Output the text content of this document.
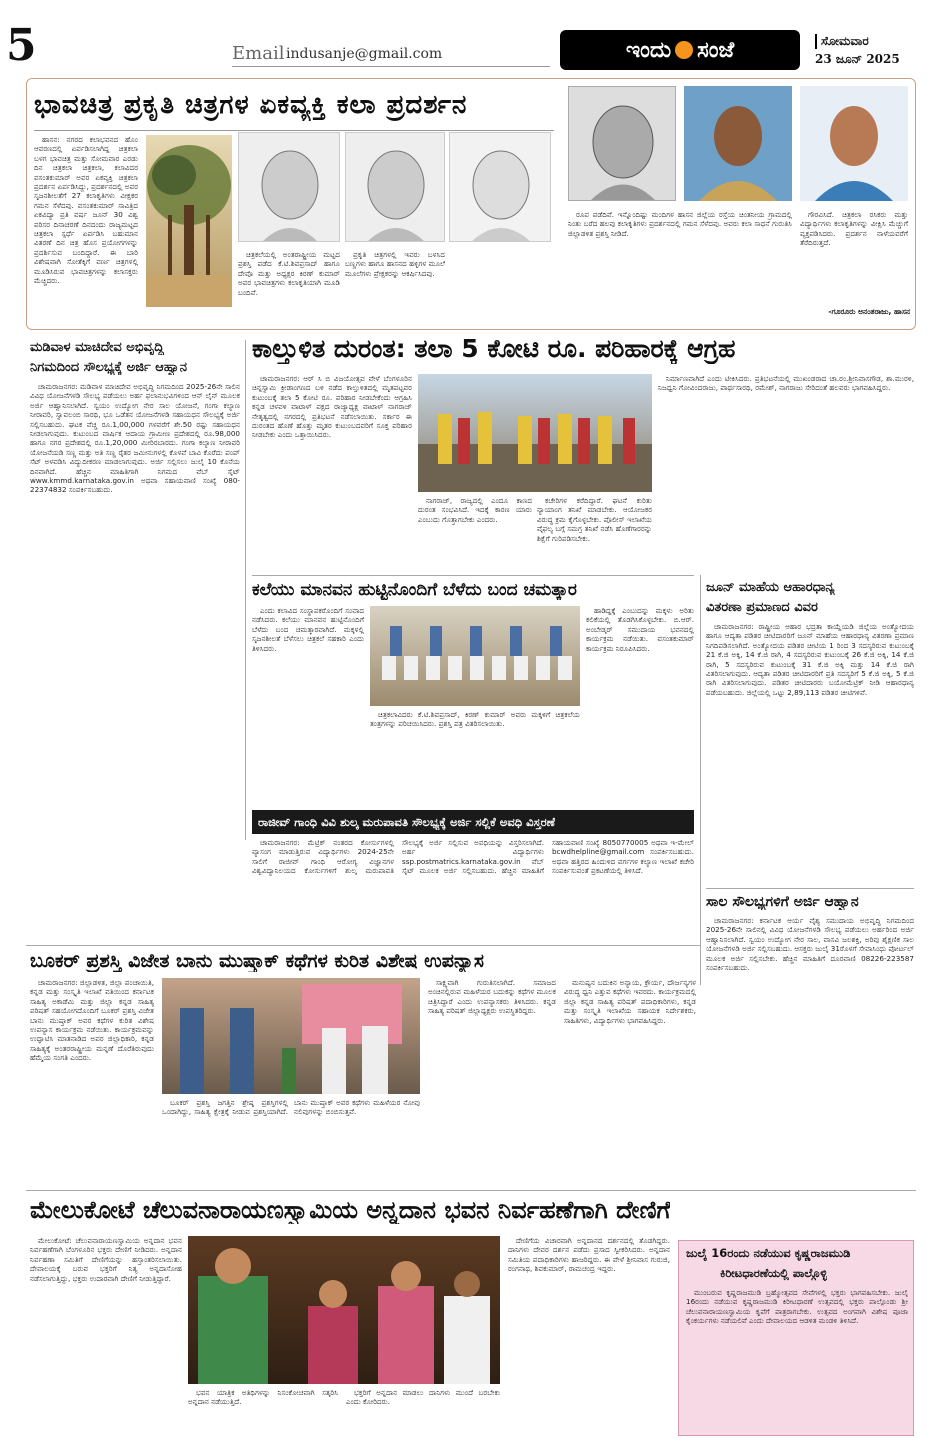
5	Email indusanje@gmail.com	ಇಂದು ಸಂಜೆ	ಸೋಮವಾರ
23 ಜೂನ್ 2025
ಭಾವಚಿತ್ರ ಪ್ರಕೃತಿ ಚಿತ್ರಗಳ ಏಕವ್ಯಕ್ತಿ ಕಲಾ ಪ್ರದರ್ಶನ

ಹಾಸನ: ನಗರದ ಕಲಾಭವನದ ಹೊಂ ಆವರಣದಲ್ಲಿ ಏರ್ಪಡಿಸಲಾಗಿದ್ದ ಚಿತ್ರಕಲಾ ಬಳಗ ಭಾವಚಿತ್ರ ಮತ್ತು ಸೋಮವಾರ ಎರಡು ದಿನ ಚಿತ್ರಕಲಾ ಚಿತ್ರಕಲಾ, ಕಲಾವಿದರ ವಸಂತಕುಮಾರ್ ಅವರ ಏಕವ್ಯಕ್ತಿ ಚಿತ್ರಕಲಾ ಪ್ರದರ್ಶನ ಏರ್ಪಡಿಸಿದ್ದು, ಪ್ರದರ್ಶನದಲ್ಲಿ ಅವರ ಸೃಜನಶೀಲತೆಗೆ 27 ಕಲಾಕೃತಿಗಳು ವೀಕ್ಷಕರ ಗಮನ ಸೆಳೆದವು. ವಸಂತಕುಮಾರ್ ಸಾವಿತ್ರಿದ ಏಕವಿದ್ಯಾ ಪ್ರತಿ ವರ್ಷ ಜೂನ್ 30 ವಿಶ್ವ ಪರಿಸರ ದಿನಾಚರಣೆ ದಿನದಂದು ರಾಜ್ಯಮಟ್ಟದ ಚಿತ್ರಕಲಾ ಸ್ಪರ್ಧೆ ಏರ್ಪಡಿಸಿ ಬಹುಮಾನ ವಿತರಣೆ ದಿನ ಚಿತ್ರ ಹೊಸ ಪ್ರಯೋಗಗಳನ್ನು ಪ್ರದರ್ಶಿಸುವ ಬಂದಿದ್ದಾರೆ. ಈ ಬಾರಿ ವಿಶೇಷವಾಗಿ ಸೋತೆಕ್ಕಿಗೆ ವರ್ಣ ಚಿತ್ರಗಳಲ್ಲಿ ಮೂಡಿಸಿರುವ ಭಾವಚಿತ್ರಗಳನ್ನು ಕಲಾಸಕ್ತರು ಮೆಚ್ಚಿದರು.

ಚಿತ್ರಕಲೆಯಲ್ಲಿ ಅಂತರಾಷ್ಟ್ರೀಯ ಮಟ್ಟದ ಪ್ರಶಸ್ತಿ ಪಡೆದ ಕೆ.ಟಿ.ಶಿವಪ್ರಸಾದ್ ಹಾಗೂ ದೇವೊ ಮತ್ತು ಅಧ್ಯಕ್ಷರ ಕಿರಣ್ ಕುಮಾರ್ ಅವರ ಭಾವಚಿತ್ರಗಳು ಕಲಾಕೃತಿಯಾಗಿ ಮೂಡಿ ಬಂದಿವೆ.

ಪ್ರಕೃತಿ ಚಿತ್ರಗಳಲ್ಲಿ ಇವರು ಬಳಸಿದ ಬಣ್ಣಗಳು ಹಾಗೂ ಹಾಸನದ ಹಳ್ಳಿಗಳ ಮೂಲೆ ಮೂಲೆಗಳು ಪ್ರೇಕ್ಷಕರನ್ನು ಆಕರ್ಷಿಸಿದವು.

ರೂಪ ಪಡೆದಿವೆ. ಇನ್ನೊಂದಿಷ್ಟು ಮಂದಿಗಳ ಹಾಸನ ಜಿಲ್ಲೆಯ ರಸ್ತೆಯ ಚಿಂತನೀಯ ಗ್ರಾಮದಲ್ಲಿ ನಿಂತು ಬರೆದ ಹಲವು ಕಲಾಕೃತಿಗಳು ಪ್ರದರ್ಶನದಲ್ಲಿ ಗಮನ ಸೆಳೆದವು. ಅವರು ಕಲಾ ಸಾಧನೆ ಗುರುತಿಸಿ ಜಿಲ್ಲಾಡಳಿತ ಪ್ರಶಸ್ತಿ ನೀಡಿದೆ.

ಗೌರವಿಸಿದೆ. ಚಿತ್ರಕಲಾ ರಸಿಕರು ಮತ್ತು ವಿದ್ಯಾರ್ಥಿಗಳು ಕಲಾಕೃತಿಗಳನ್ನು ವೀಕ್ಷಿಸಿ ಮೆಚ್ಚುಗೆ ವ್ಯಕ್ತಪಡಿಸಿದರು. ಪ್ರದರ್ಶನ ನಾಳೆಯವರೆಗೆ ತೆರೆದಿರುತ್ತದೆ.

-ಗೂರೂರು ಅನಂತರಾಜು, ಹಾಸನ
ಮಡಿವಾಳ ಮಾಚಿದೇವ ಅಭಿವೃದ್ಧಿ
ನಿಗಮದಿಂದ ಸೌಲಭ್ಯಕ್ಕೆ ಅರ್ಜಿ ಆಹ್ವಾನ

ಚಾಮರಾಜನಗರ: ಮಡಿವಾಳ ಮಾಚಿದೇವ ಅಭಿವೃದ್ಧಿ ನಿಗಮದಿಂದ 2025-26ನೇ ಸಾಲಿನ ವಿವಿಧ ಯೋಜನೆಗಳಡಿ ಸೌಲಭ್ಯ ಪಡೆಯಲು ಅರ್ಹ ಫಲಾನುಭವಿಗಳಿಂದ ಆನ್ ಲೈನ್ ಮೂಲಕ ಅರ್ಜಿ ಆಹ್ವಾನಿಸಲಾಗಿದೆ. ಸ್ವಯಂ ಉದ್ಯೋಗ ನೇರ ಸಾಲ ಯೋಜನೆ, ಗಂಗಾ ಕಲ್ಯಾಣ ನೀರಾವರಿ, ಸ್ವಾವಲಂಬಿ ಸಾರಥಿ, ಭೂ ಒಡೆತನ ಯೋಜನೆಗಳಡಿ ಸಹಾಯಧನ ಸೌಲಭ್ಯಕ್ಕೆ ಅರ್ಜಿ ಸಲ್ಲಿಸಬಹುದು. ಘಟಕ ವೆಚ್ಚ ರೂ.1,00,000 ಗಳವರೆಗೆ ಶೇ.50 ರಷ್ಟು ಸಹಾಯಧನ ನೀಡಲಾಗುವುದು. ಕುಟುಂಬದ ವಾರ್ಷಿಕ ಆದಾಯ ಗ್ರಾಮೀಣ ಪ್ರದೇಶದಲ್ಲಿ ರೂ.98,000 ಹಾಗೂ ನಗರ ಪ್ರದೇಶದಲ್ಲಿ ರೂ.1,20,000 ಮೀರಿರಬಾರದು. ಗಂಗಾ ಕಲ್ಯಾಣ ನೀರಾವರಿ ಯೋಜನೆಯಡಿ ಸಣ್ಣ ಮತ್ತು ಅತಿ ಸಣ್ಣ ರೈತರ ಜಮೀನುಗಳಲ್ಲಿ ಕೊಳವೆ ಬಾವಿ ಕೊರೆದು ಪಂಪ್ ಸೆಟ್ ಅಳವಡಿಸಿ ವಿದ್ಯುದೀಕರಣ ಮಾಡಲಾಗುವುದು. ಅರ್ಜಿ ಸಲ್ಲಿಸಲು ಜುಲೈ 10 ಕೊನೆಯ ದಿನವಾಗಿದೆ. ಹೆಚ್ಚಿನ ಮಾಹಿತಿಗಾಗಿ ನಿಗಮದ ವೆಬ್ ಸೈಟ್ www.kmmd.karnataka.gov.in ಅಥವಾ ಸಹಾಯವಾಣಿ ಸಂಖ್ಯೆ 080-22374832 ಸಂಪರ್ಕಿಸಬಹುದು.

ಕಾಲ್ತುಳಿತ ದುರಂತ: ತಲಾ 5 ಕೋಟಿ ರೂ. ಪರಿಹಾರಕ್ಕೆ ಆಗ್ರಹ

ಚಾಮರಾಜನಗರ: ಆರ್ ಸಿ ಬಿ ವಿಜಯೋತ್ಸವ ವೇಳೆ ಬೆಂಗಳೂರಿನ ಚಿನ್ನಸ್ವಾಮಿ ಕ್ರೀಡಾಂಗಣದ ಬಳಿ ನಡೆದ ಕಾಲ್ತುಳಿತದಲ್ಲಿ ಮೃತಪಟ್ಟವರ ಕುಟುಂಬಕ್ಕೆ ತಲಾ 5 ಕೋಟಿ ರೂ. ಪರಿಹಾರ ನೀಡಬೇಕೆಂದು ಆಗ್ರಹಿಸಿ ಕನ್ನಡ ಚಳವಳಿ ವಾಟಾಳ್ ಪಕ್ಷದ ರಾಜ್ಯಾಧ್ಯಕ್ಷ ವಾಟಾಳ್ ನಾಗರಾಜ್ ನೇತೃತ್ವದಲ್ಲಿ ನಗರದಲ್ಲಿ ಪ್ರತಿಭಟನೆ ನಡೆಸಲಾಯಿತು. ಸರ್ಕಾರ ಈ ದುರಂತದ ಹೊಣೆ ಹೊತ್ತು ಮೃತರ ಕುಟುಂಬದವರಿಗೆ ಸೂಕ್ತ ಪರಿಹಾರ ನೀಡಬೇಕು ಎಂದು ಒತ್ತಾಯಿಸಿದರು.

ನಾಗರಾಜ್, ರಾಜ್ಯದಲ್ಲಿ ಎಂದೂ ಕಾಣದ ದುರಂತ ಸಂಭವಿಸಿದೆ. ಇದಕ್ಕೆ ಕಾರಣ ಯಾರು ಎಂಬುದು ಗೊತ್ತಾಗಬೇಕು ಎಂದರು.

ಕಚೇರಿಗಳ ಕರೆದಿದ್ದಾರೆ. ಘಟನೆ ಕುರಿತು ನ್ಯಾಯಾಂಗ ತನಿಖೆ ಮಾಡಬೇಕು. ಆಯೋಜಕರ ವಿರುದ್ಧ ಕ್ರಮ ಕೈಗೊಳ್ಳಬೇಕು. ಪೊಲೀಸ್ ಇಲಾಖೆಯ ವೈಫಲ್ಯ ಬಗ್ಗೆ ಸಮಗ್ರ ತನಿಖೆ ನಡೆಸಿ ಹೊಣೆಗಾರರನ್ನು ಶಿಕ್ಷೆಗೆ ಗುರಿಪಡಿಸಬೇಕು.

ನಿರ್ಮಾಣವಾಗಿದೆ ಎಂದು ಟೀಕಿಸಿದರು. ಪ್ರತಿಭಟನೆಯಲ್ಲಿ ಮುಖಂಡರಾದ ಚಾ.ರಂ.ಶ್ರೀನಿವಾಸಗೌಡ, ಶಾ.ಮುರಳಿ, ನಿಜಧ್ವನಿ ಗೋವಿಂದರಾಜು, ಪಾರ್ಥಸಾರಥಿ, ರಮೇಶ್, ನಾಗರಾಜು ಸೇರಿದಂತೆ ಹಲವರು ಭಾಗವಹಿಸಿದ್ದರು.

ಕಲೆಯು ಮಾನವನ ಹುಟ್ಟಿನೊಂದಿಗೆ ಬೆಳೆದು ಬಂದ ಚಮತ್ಕಾರ

ಎಂದು ಕಲಾವಿದ ಸಂಸ್ಥಾಪಕರೊಂದಿಗೆ ಸಂವಾದ ನಡೆಸಿದರು. ಕಲೆಯು ಮಾನವನ ಹುಟ್ಟಿನೊಂದಿಗೆ ಬೆಳೆದು ಬಂದ ಚಮತ್ಕಾರವಾಗಿದೆ. ಮಕ್ಕಳಲ್ಲಿ ಸೃಜನಶೀಲತೆ ಬೆಳೆಸಲು ಚಿತ್ರಕಲೆ ಸಹಕಾರಿ ಎಂದು ತಿಳಿಸಿದರು.

ಚಿತ್ರಕಲಾವಿದರು ಕೆ.ಟಿ.ಶಿವಪ್ರಸಾದ್, ಕಿರಣ್ ಕುಮಾರ್ ಅವರು ಮಕ್ಕಳಿಗೆ ಚಿತ್ರಕಲೆಯ ತಂತ್ರಗಳನ್ನು ಪರಿಚಯಿಸಿದರು. ಪ್ರಶಸ್ತಿ ಪತ್ರ ವಿತರಿಸಲಾಯಿತು.

ಹಾಡಿದ್ದಕ್ಕೆ ಎಂಬುದನ್ನು ಮಕ್ಕಳು ಅರಿತು ಕಲಿಕೆಯಲ್ಲಿ ತೊಡಗಿಸಿಕೊಳ್ಳಬೇಕು. ಬಿ.ಆರ್. ಅಂಬೇಡ್ಕರ್ ಸಮುದಾಯ ಭವನದಲ್ಲಿ ಕಾರ್ಯಕ್ರಮ ನಡೆಯಿತು. ವಸಂತಕುಮಾರ್ ಕಾರ್ಯಕ್ರಮ ನಿರೂಪಿಸಿದರು.

ಜೂನ್ ಮಾಹೆಯ ಆಹಾರಧಾನ್ಯ
ವಿತರಣಾ ಪ್ರಮಾಣದ ವಿವರ

ಚಾಮರಾಜನಗರ: ರಾಷ್ಟ್ರೀಯ ಆಹಾರ ಭದ್ರತಾ ಕಾಯ್ದೆಯಡಿ ಜಿಲ್ಲೆಯ ಅಂತ್ಯೋದಯ ಹಾಗೂ ಆದ್ಯತಾ ಪಡಿತರ ಚೀಟಿದಾರರಿಗೆ ಜೂನ್ ಮಾಹೆಯ ಆಹಾರಧಾನ್ಯ ವಿತರಣಾ ಪ್ರಮಾಣ ನಿಗದಿಪಡಿಸಲಾಗಿದೆ. ಅಂತ್ಯೋದಯ ಪಡಿತರ ಚೀಟಿಯ 1 ರಿಂದ 3 ಸದಸ್ಯರಿರುವ ಕುಟುಂಬಕ್ಕೆ 21 ಕೆ.ಜಿ ಅಕ್ಕಿ, 14 ಕೆ.ಜಿ ರಾಗಿ, 4 ಸದಸ್ಯರಿರುವ ಕುಟುಂಬಕ್ಕೆ 26 ಕೆ.ಜಿ ಅಕ್ಕಿ, 14 ಕೆ.ಜಿ ರಾಗಿ, 5 ಸದಸ್ಯರಿರುವ ಕುಟುಂಬಕ್ಕೆ 31 ಕೆ.ಜಿ ಅಕ್ಕಿ ಮತ್ತು 14 ಕೆ.ಜಿ ರಾಗಿ ವಿತರಿಸಲಾಗುವುದು. ಆದ್ಯತಾ ಪಡಿತರ ಚೀಟಿದಾರರಿಗೆ ಪ್ರತಿ ಸದಸ್ಯರಿಗೆ 5 ಕೆ.ಜಿ ಅಕ್ಕಿ, 5 ಕೆ.ಜಿ ರಾಗಿ ವಿತರಿಸಲಾಗುವುದು. ಪಡಿತರ ಚೀಟಿದಾರರು ಬಯೋಮೆಟ್ರಿಕ್ ನೀಡಿ ಆಹಾರಧಾನ್ಯ ಪಡೆಯಬಹುದು. ಜಿಲ್ಲೆಯಲ್ಲಿ ಒಟ್ಟು 2,89,113 ಪಡಿತರ ಚೀಟಿಗಳಿವೆ.

ಸಾಲ ಸೌಲಭ್ಯಗಳಿಗೆ ಅರ್ಜಿ ಆಹ್ವಾನ

ಚಾಮರಾಜನಗರ: ಕರ್ನಾಟಕ ಆರ್ಯ ವೈಶ್ಯ ಸಮುದಾಯ ಅಭಿವೃದ್ಧಿ ನಿಗಮದಿಂದ 2025-26ನೇ ಸಾಲಿನಲ್ಲಿ ವಿವಿಧ ಯೋಜನೆಗಳಡಿ ಸೌಲಭ್ಯ ಪಡೆಯಲು ಅರ್ಹರಿಂದ ಅರ್ಜಿ ಆಹ್ವಾನಿಸಲಾಗಿದೆ. ಸ್ವಯಂ ಉದ್ಯೋಗ ನೇರ ಸಾಲ, ವಾಸವಿ ಜಲಶಕ್ತಿ, ಅರಿವು ಶೈಕ್ಷಣಿಕ ಸಾಲ ಯೋಜನೆಗಳಡಿ ಅರ್ಜಿ ಸಲ್ಲಿಸಬಹುದು. ಆಸಕ್ತರು ಜುಲೈ 31ರೊಳಗೆ ಸೇವಾಸಿಂಧು ಪೋರ್ಟಲ್ ಮೂಲಕ ಅರ್ಜಿ ಸಲ್ಲಿಸಬೇಕು. ಹೆಚ್ಚಿನ ಮಾಹಿತಿಗೆ ದೂರವಾಣಿ 08226-223587 ಸಂಪರ್ಕಿಸಬಹುದು.

ರಾಜೀವ್ ಗಾಂಧಿ ವಿವಿ ಶುಲ್ಕ ಮರುಪಾವತಿ ಸೌಲಭ್ಯಕ್ಕೆ ಅರ್ಜಿ ಸಲ್ಲಿಕೆ ಅವಧಿ ವಿಸ್ತರಣೆ

ಚಾಮರಾಜನಗರ: ಮೆಟ್ರಿಕ್ ನಂತರದ ಕೋರ್ಸುಗಳಲ್ಲಿ ವ್ಯಾಸಂಗ ಮಾಡುತ್ತಿರುವ ವಿದ್ಯಾರ್ಥಿಗಳು 2024-25ನೇ ಸಾಲಿಗೆ ರಾಜೀವ್ ಗಾಂಧಿ ಆರೋಗ್ಯ ವಿಜ್ಞಾನಗಳ ವಿಶ್ವವಿದ್ಯಾನಿಲಯದ ಕೋರ್ಸುಗಳಿಗೆ ಶುಲ್ಕ ಮರುಪಾವತಿ ಸೌಲಭ್ಯಕ್ಕೆ ಅರ್ಜಿ ಸಲ್ಲಿಸುವ ಅವಧಿಯನ್ನು ವಿಸ್ತರಿಸಲಾಗಿದೆ. ಅರ್ಹ ವಿದ್ಯಾರ್ಥಿಗಳು ssp.postmatrics.karnataka.gov.in ವೆಬ್ ಸೈಟ್ ಮೂಲಕ ಅರ್ಜಿ ಸಲ್ಲಿಸಬಹುದು. ಹೆಚ್ಚಿನ ಮಾಹಿತಿಗೆ ಸಹಾಯವಾಣಿ ಸಂಖ್ಯೆ 8050770005 ಅಥವಾ ಇ-ಮೇಲ್ bcwdhelpline@gmail.com ಸಂಪರ್ಕಿಸಬಹುದು. ಅಥವಾ ಹತ್ತಿರದ ಹಿಂದುಳಿದ ವರ್ಗಗಳ ಕಲ್ಯಾಣ ಇಲಾಖೆ ಕಚೇರಿ ಸಂಪರ್ಕಿಸುವಂತೆ ಪ್ರಕಟಣೆಯಲ್ಲಿ ತಿಳಿಸಿದೆ.

ಬೂಕರ್ ಪ್ರಶಸ್ತಿ ವಿಜೇತ ಬಾನು ಮುಷ್ತಾಕ್ ಕಥೆಗಳ ಕುರಿತ ವಿಶೇಷ ಉಪನ್ಯಾಸ

ಚಾಮರಾಜನಗರ: ಜಿಲ್ಲಾಡಳಿತ, ಜಿಲ್ಲಾ ಪಂಚಾಯಿತಿ, ಕನ್ನಡ ಮತ್ತು ಸಂಸ್ಕೃತಿ ಇಲಾಖೆ ವತಿಯಿಂದ ಕರ್ನಾಟಕ ಸಾಹಿತ್ಯ ಅಕಾಡೆಮಿ ಮತ್ತು ಜಿಲ್ಲಾ ಕನ್ನಡ ಸಾಹಿತ್ಯ ಪರಿಷತ್ ಸಹಯೋಗದೊಂದಿಗೆ ಬೂಕರ್ ಪ್ರಶಸ್ತಿ ವಿಜೇತ ಬಾನು ಮುಷ್ತಾಕ್ ಅವರ ಕಥೆಗಳ ಕುರಿತ ವಿಶೇಷ ಉಪನ್ಯಾಸ ಕಾರ್ಯಕ್ರಮ ನಡೆಯಿತು. ಕಾರ್ಯಕ್ರಮವನ್ನು ಉದ್ಘಾಟಿಸಿ ಮಾತನಾಡಿದ ಅಪರ ಜಿಲ್ಲಾಧಿಕಾರಿ, ಕನ್ನಡ ಸಾಹಿತ್ಯಕ್ಕೆ ಅಂತರರಾಷ್ಟ್ರೀಯ ಮನ್ನಣೆ ದೊರೆತಿರುವುದು ಹೆಮ್ಮೆಯ ಸಂಗತಿ ಎಂದರು.

ಬೂಕರ್ ಪ್ರಶಸ್ತಿ ಜಗತ್ತಿನ ಶ್ರೇಷ್ಠ ಪ್ರಶಸ್ತಿಗಳಲ್ಲಿ ಒಂದಾಗಿದ್ದು, ಸಾಹಿತ್ಯ ಕ್ಷೇತ್ರಕ್ಕೆ ನೀಡುವ ಪ್ರಶಸ್ತಿಯಾಗಿದೆ. ಬಾನು ಮುಷ್ತಾಕ್ ಅವರ ಕಥೆಗಳು ಮಹಿಳೆಯರ ನೋವು ನಲಿವುಗಳನ್ನು ಬಿಂಬಿಸುತ್ತವೆ.

ಸಾಕ್ಷ್ಯವಾಗಿ ಗುರುತಿಸಲಾಗಿದೆ. ಸಮಾಜದ ಅಂಚಿನಲ್ಲಿರುವ ಮಹಿಳೆಯರ ಬದುಕನ್ನು ಕಥೆಗಳ ಮೂಲಕ ಚಿತ್ರಿಸಿದ್ದಾರೆ ಎಂದು ಉಪನ್ಯಾಸಕರು ತಿಳಿಸಿದರು. ಕನ್ನಡ ಸಾಹಿತ್ಯ ಪರಿಷತ್ ಜಿಲ್ಲಾಧ್ಯಕ್ಷರು ಉಪಸ್ಥಿತರಿದ್ದರು.

ಮನುಷ್ಯನ ಬದುಕಿನ ಅನ್ಯಾಯ, ಕ್ರೌರ್ಯ, ದೌರ್ಜನ್ಯಗಳ ವಿರುದ್ಧ ಧ್ವನಿ ಎತ್ತುವ ಕಥೆಗಳು ಇವರದು. ಕಾರ್ಯಕ್ರಮದಲ್ಲಿ ಜಿಲ್ಲಾ ಕನ್ನಡ ಸಾಹಿತ್ಯ ಪರಿಷತ್ ಪದಾಧಿಕಾರಿಗಳು, ಕನ್ನಡ ಮತ್ತು ಸಂಸ್ಕೃತಿ ಇಲಾಖೆಯ ಸಹಾಯಕ ನಿರ್ದೇಶಕರು, ಸಾಹಿತಿಗಳು, ವಿದ್ಯಾರ್ಥಿಗಳು ಭಾಗವಹಿಸಿದ್ದರು.

ಮೇಲುಕೋಟೆ ಚೆಲುವನಾರಾಯಣಸ್ವಾಮಿಯ ಅನ್ನದಾನ ಭವನ ನಿರ್ವಹಣೆಗಾಗಿ ದೇಣಿಗೆ

ಮೇಲುಕೋಟೆ: ಚೆಲುವನಾರಾಯಣಸ್ವಾಮಿಯ ಅನ್ನದಾನ ಭವನ ನಿರ್ವಹಣೆಗಾಗಿ ಬೆಂಗಳೂರಿನ ಭಕ್ತರು ದೇಣಿಗೆ ನೀಡಿದರು. ಅನ್ನದಾನ ನಿರ್ವಹಣಾ ಸಮಿತಿಗೆ ದೇಣಿಗೆಯನ್ನು ಹಸ್ತಾಂತರಿಸಲಾಯಿತು. ದೇವಾಲಯಕ್ಕೆ ಬರುವ ಭಕ್ತರಿಗೆ ನಿತ್ಯ ಅನ್ನದಾಸೋಹ ನಡೆಸಲಾಗುತ್ತಿದ್ದು, ಭಕ್ತರು ಉದಾರವಾಗಿ ದೇಣಿಗೆ ನೀಡುತ್ತಿದ್ದಾರೆ.

ಭವನ ಯಾತ್ರಿಕ ಅತಿಥಿಗಳನ್ನು ನಿಸಂಕೋಚವಾಗಿ ಸತ್ಕರಿಸಿ ಅನ್ನದಾನ ನಡೆಯುತ್ತಿದೆ.

ಭಕ್ತರಿಗೆ ಅನ್ನದಾನ ಮಾಡಲು ದಾನಿಗಳು ಮುಂದೆ ಬರಬೇಕು ಎಂದು ಕೋರಿದರು.

ದೇಣಿಗೆಯ ವಿಚಾರವಾಗಿ ಅನ್ನದಾನದ ದರ್ಶನದಲ್ಲಿ ತೊಡಗಿದ್ದರು. ದಾನಿಗಳು ದೇವರ ದರ್ಶನ ಪಡೆದು ಪ್ರಸಾದ ಸ್ವೀಕರಿಸಿದರು. ಅನ್ನದಾನ ಸಮಿತಿಯ ಪದಾಧಿಕಾರಿಗಳು ಹಾಜರಿದ್ದರು. ಈ ವೇಳೆ ಶ್ರೀನಿವಾಸ ಗುರುಜಿ, ರಂಗನಾಥ, ಶಿವಕುಮಾರ್, ರಾಮಚಂದ್ರ ಇದ್ದರು.

ಜುಲೈ 16ರಂದು ನಡೆಯುವ ಕೃಷ್ಣರಾಜಮುಡಿ
ಕಿರೀಟಧಾರಣೆಯಲ್ಲಿ ಪಾಲ್ಗೊಳ್ಳಿ

ಮುಂಬರುವ ಕೃಷ್ಣರಾಜಮುಡಿ ಬ್ರಹ್ಮೋತ್ಸವದ ಸೇವೆಗಳಲ್ಲಿ ಭಕ್ತರು ಭಾಗವಹಿಸಬೇಕು. ಜುಲೈ 16ರಂದು ನಡೆಯುವ ಕೃಷ್ಣರಾಜಮುಡಿ ಕಿರೀಟಧಾರಣೆ ಉತ್ಸವದಲ್ಲಿ ಭಕ್ತರು ಪಾಲ್ಗೊಂಡು ಶ್ರೀ ಚೆಲುವನಾರಾಯಣಸ್ವಾಮಿಯ ಕೃಪೆಗೆ ಪಾತ್ರರಾಗಬೇಕು. ಉತ್ಸವದ ಅಂಗವಾಗಿ ವಿಶೇಷ ಪೂಜಾ ಕೈಂಕರ್ಯಗಳು ನಡೆಯಲಿವೆ ಎಂದು ದೇವಾಲಯದ ಆಡಳಿತ ಮಂಡಳಿ ತಿಳಿಸಿದೆ.
